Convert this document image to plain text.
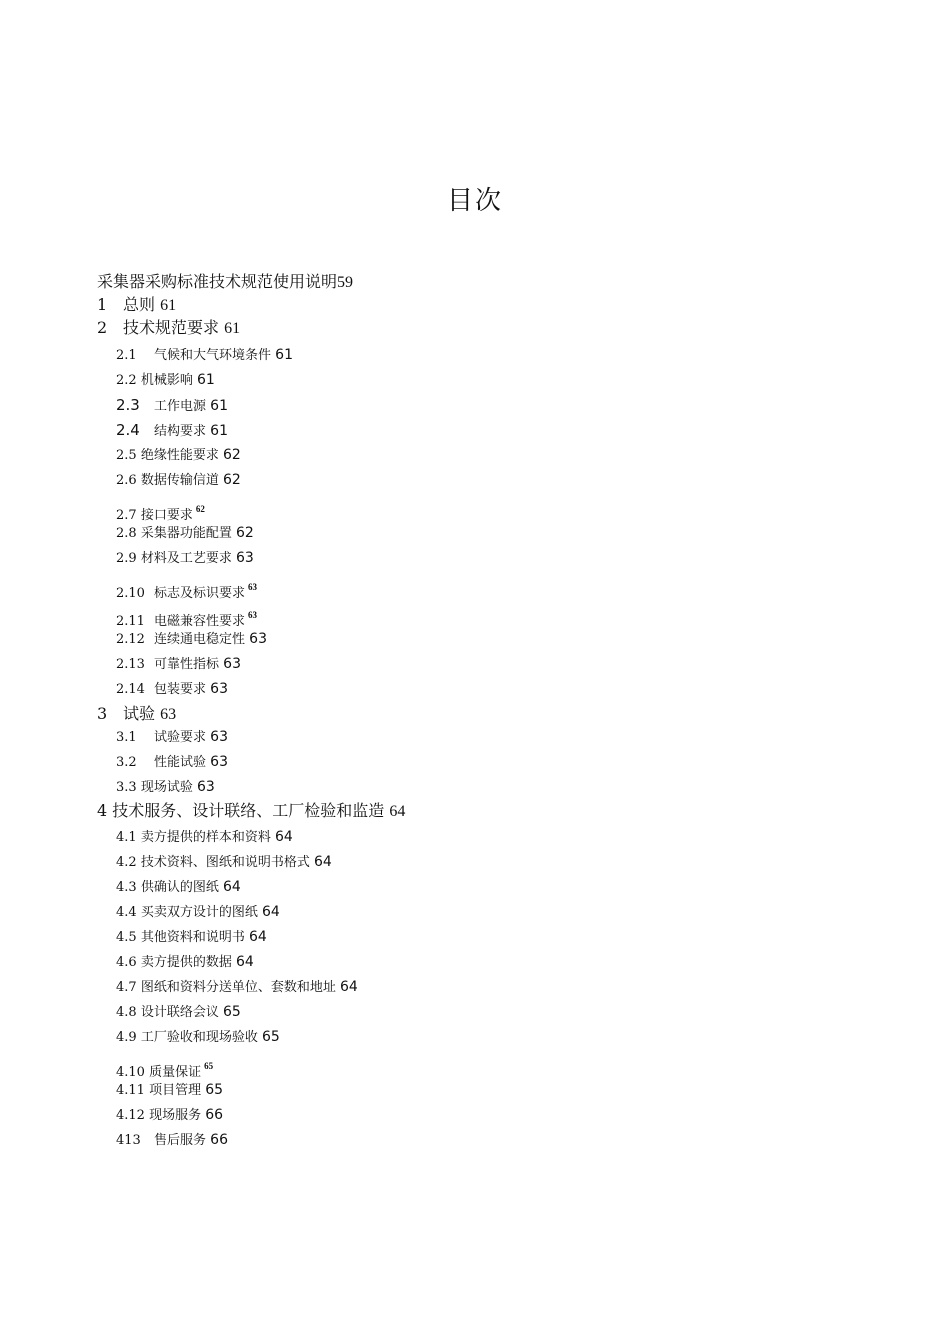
目次
采集器采购标准技术规范使用说明59
1 总则 61
2 技术规范要求 61
2.1 气候和大气环境条件 61
2.2 机械影响 61
2.3 工作电源 61
2.4 结构要求 61
2.5 绝缘性能要求 62
2.6 数据传输信道 62
2.7 接口要求 $^{62}$
2.8 采集器功能配置 62
2.9 材料及工艺要求 63
2.10 标志及标识要求 $^{63}$
2.11 电磁兼容性要求 $^{63}$
2.12 连续通电稳定性 63
2.13 可靠性指标 63
2.14 包装要求 63
3 试验 63
3.1 试验要求 63
3.2 性能试验 63
3.3 现场试验 63
4 技术服务、设计联络、工厂检验和监造 64
4.1 卖方提供的样本和资料 64
4.2 技术资料、图纸和说明书格式 64
4.3 供确认的图纸 64
4.4 买卖双方设计的图纸 64
4.5 其他资料和说明书 64
4.6 卖方提供的数据 64
4.7 图纸和资料分送单位、套数和地址 64
4.8 设计联络会议 65
4.9 工厂验收和现场验收 65
4.10 质量保证 $^{65}$
4.11 项目管理 65
4.12 现场服务 66
413 售后服务 66
